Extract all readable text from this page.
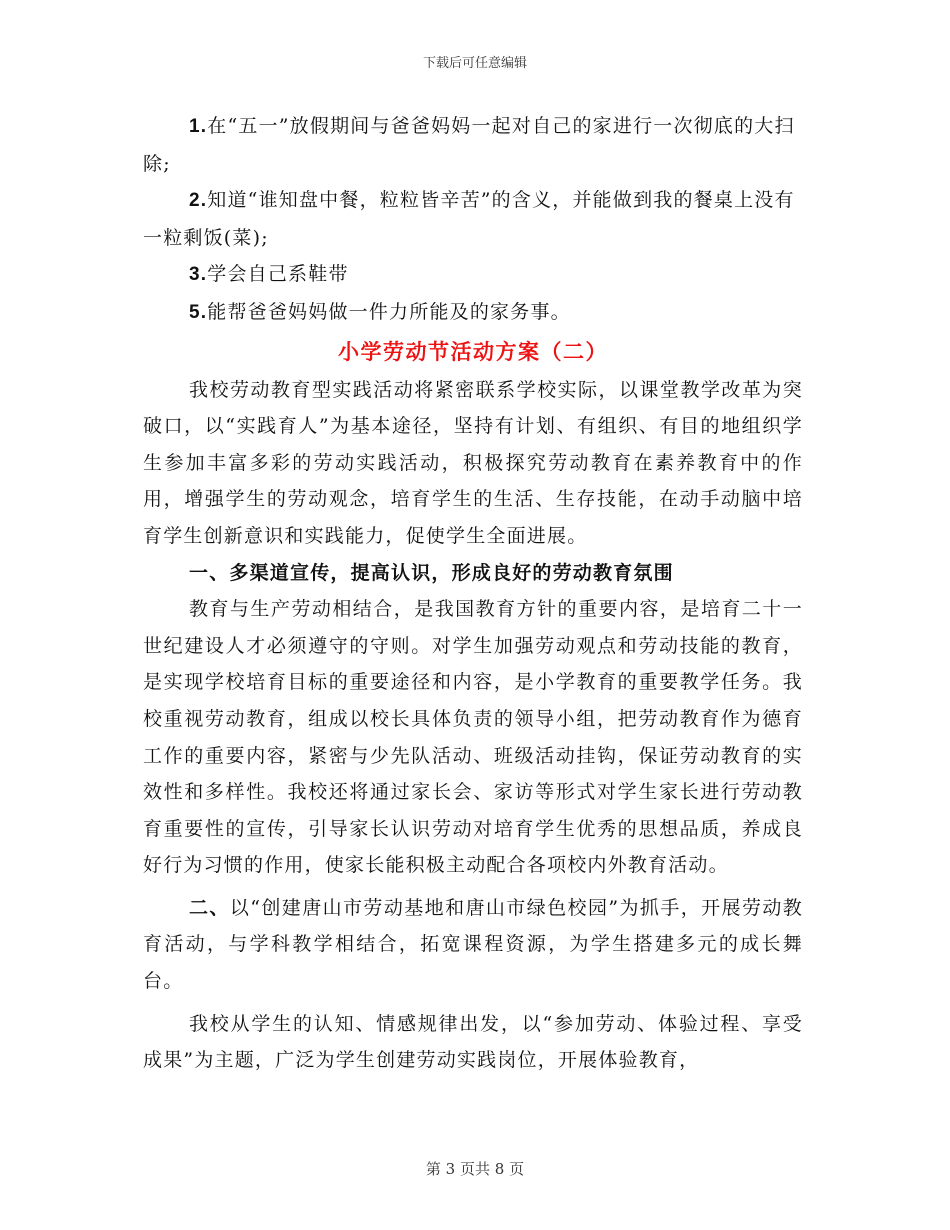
下载后可任意编辑

1.在“五一”放假期间与爸爸妈妈一起对自己的家进行一次彻底的大扫除;

2.知道“谁知盘中餐，粒粒皆辛苦”的含义，并能做到我的餐桌上没有一粒剩饭(菜);

3.学会自己系鞋带

5.能帮爸爸妈妈做一件力所能及的家务事。

小学劳动节活动方案（二）

我校劳动教育型实践活动将紧密联系学校实际，以课堂教学改革为突破口，以“实践育人”为基本途径，坚持有计划、有组织、有目的地组织学生参加丰富多彩的劳动实践活动，积极探究劳动教育在素养教育中的作用，增强学生的劳动观念，培育学生的生活、生存技能，在动手动脑中培育学生创新意识和实践能力，促使学生全面进展。

一、多渠道宣传，提高认识，形成良好的劳动教育氛围

教育与生产劳动相结合，是我国教育方针的重要内容，是培育二十一世纪建设人才必须遵守的守则。对学生加强劳动观点和劳动技能的教育，是实现学校培育目标的重要途径和内容，是小学教育的重要教学任务。我校重视劳动教育，组成以校长具体负责的领导小组，把劳动教育作为德育工作的重要内容，紧密与少先队活动、班级活动挂钩，保证劳动教育的实效性和多样性。我校还将通过家长会、家访等形式对学生家长进行劳动教育重要性的宣传，引导家长认识劳动对培育学生优秀的思想品质，养成良好行为习惯的作用，使家长能积极主动配合各项校内外教育活动。

二、以“创建唐山市劳动基地和唐山市绿色校园”为抓手，开展劳动教育活动，与学科教学相结合，拓宽课程资源，为学生搭建多元的成长舞台。

我校从学生的认知、情感规律出发，以“参加劳动、体验过程、享受成果”为主题，广泛为学生创建劳动实践岗位，开展体验教育，

第 3 页共 8 页
